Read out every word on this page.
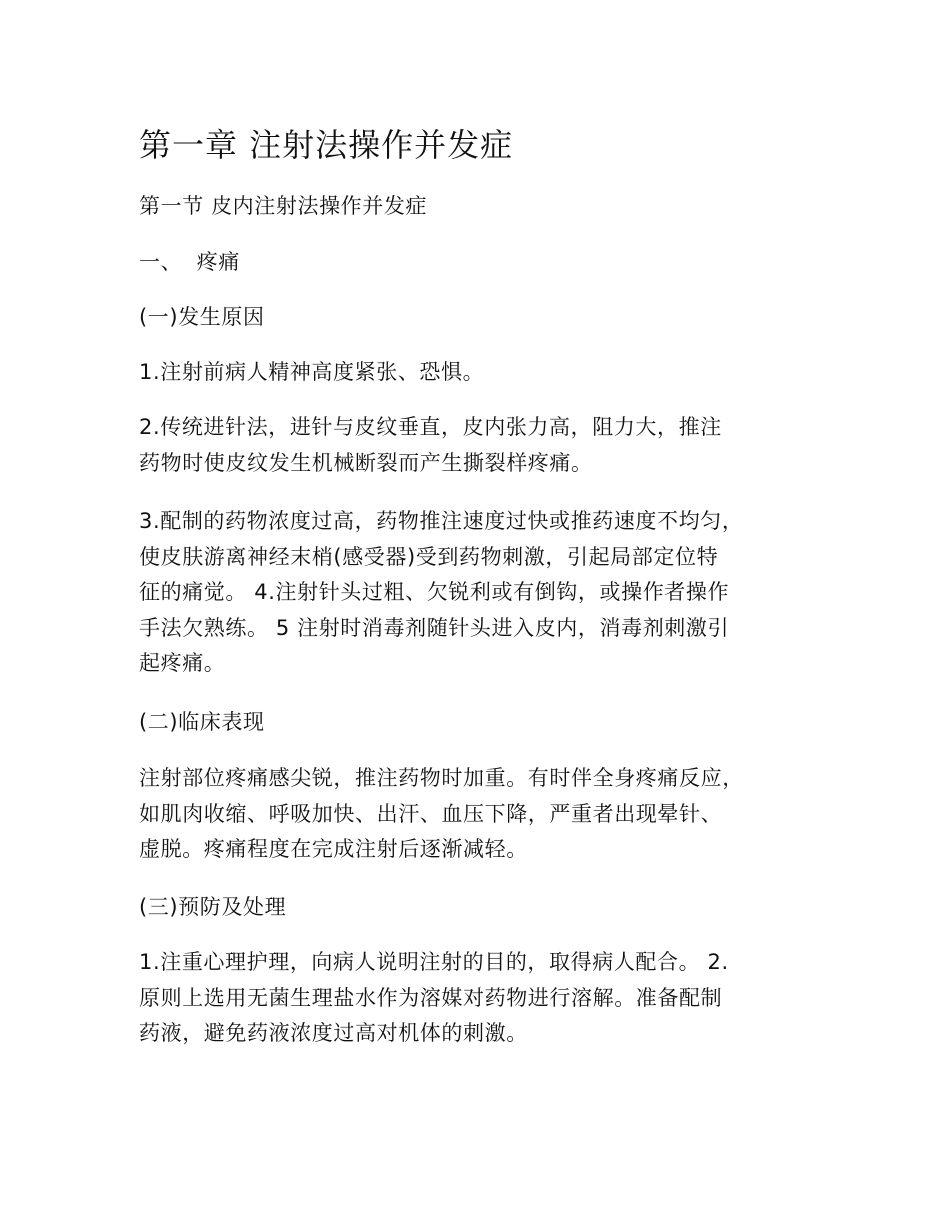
第一章 注射法操作并发症

第一节 皮内注射法操作并发症

一、  疼痛

(一)发生原因

1.注射前病人精神高度紧张、恐惧。

2.传统进针法，进针与皮纹垂直，皮内张力高，阻力大，推注
药物时使皮纹发生机械断裂而产生撕裂样疼痛。
3.配制的药物浓度过高，药物推注速度过快或推药速度不均匀，
使皮肤游离神经末梢(感受器)受到药物刺激，引起局部定位特
征的痛觉。 4.注射针头过粗、欠锐利或有倒钩，或操作者操作
手法欠熟练。 5 注射时消毒剂随针头进入皮内，消毒剂刺激引
起疼痛。

(二)临床表现

注射部位疼痛感尖锐，推注药物时加重。有时伴全身疼痛反应，
如肌肉收缩、呼吸加快、出汗、血压下降，严重者出现晕针、
虚脱。疼痛程度在完成注射后逐渐减轻。

(三)预防及处理

1.注重心理护理，向病人说明注射的目的，取得病人配合。 2.
原则上选用无菌生理盐水作为溶媒对药物进行溶解。准备配制
药液，避免药液浓度过高对机体的刺激。
